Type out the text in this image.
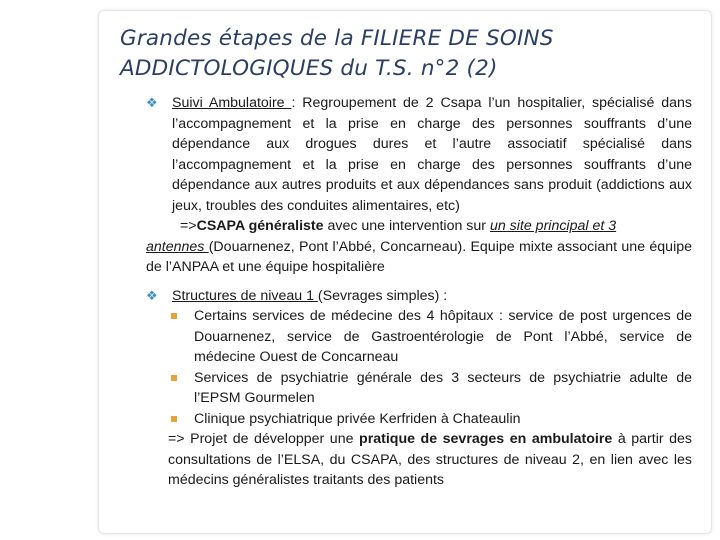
Grandes étapes de la FILIERE DE SOINS ADDICTOLOGIQUES du T.S. n°2 (2)
❖ Suivi Ambulatoire : Regroupement de 2 Csapa l’un hospitalier, spécialisé dans l’accompagnement et la prise en charge des personnes souffrants d’une dépendance aux drogues dures et l’autre associatif spécialisé dans l’accompagnement et la prise en charge des personnes souffrants d’une dépendance aux autres produits et aux dépendances sans produit (addictions aux jeux, troubles des conduites alimentaires, etc)
=>CSAPA généraliste avec une intervention sur un site principal et 3
antennes (Douarnenez, Pont l’Abbé, Concarneau). Equipe mixte associant une équipe de l’ANPAA et une équipe hospitalière
❖ Structures de niveau 1 (Sevrages simples) :
Certains services de médecine des 4 hôpitaux : service de post urgences de Douarnenez, service de Gastroentérologie de Pont l’Abbé, service de médecine Ouest de Concarneau
Services de psychiatrie générale des 3 secteurs de psychiatrie adulte de l’EPSM Gourmelen
Clinique psychiatrique privée Kerfriden à Chateaulin
=> Projet de développer une pratique de sevrages en ambulatoire à partir des consultations de l’ELSA, du CSAPA, des structures de niveau 2, en lien avec les médecins généralistes traitants des patients
